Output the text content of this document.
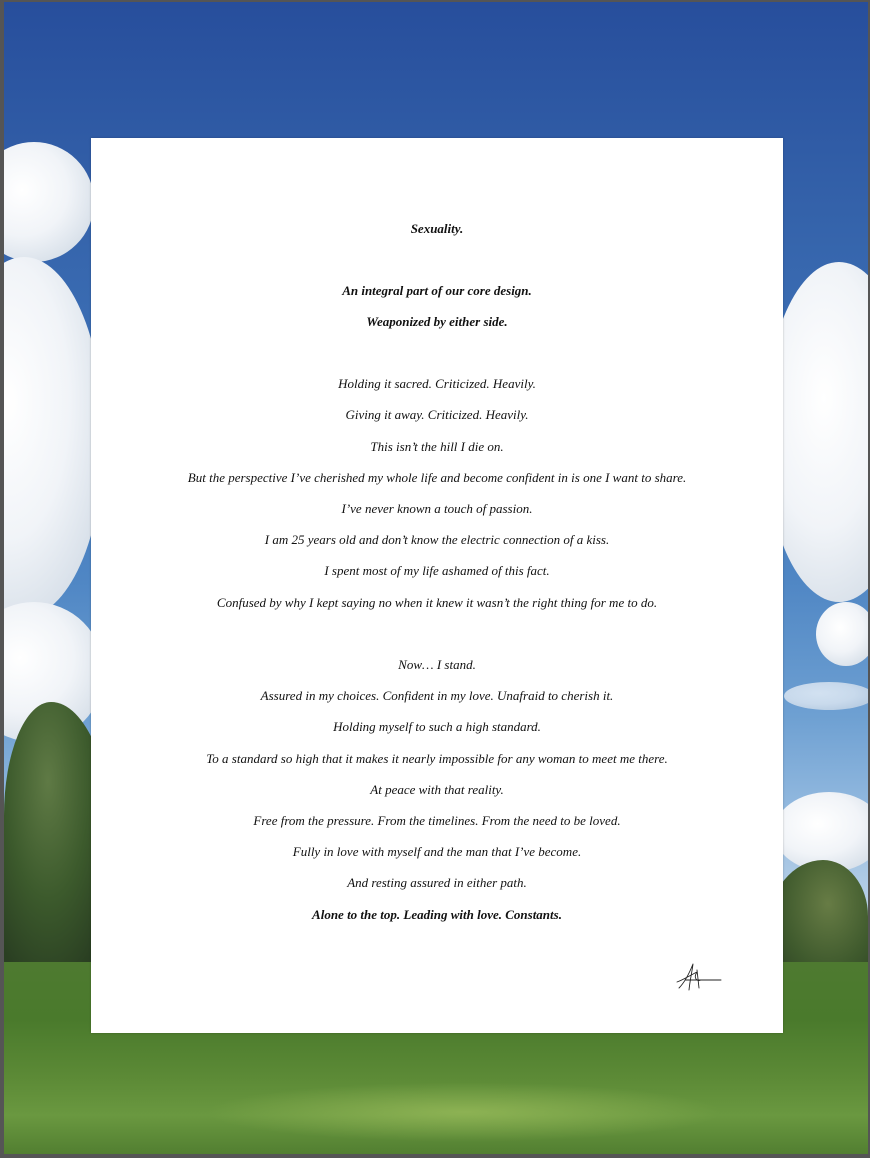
Sexuality.
An integral part of our core design.
Weaponized by either side.
Holding it sacred. Criticized. Heavily.
Giving it away. Criticized. Heavily.
This isn’t the hill I die on.
But the perspective I’ve cherished my whole life and become confident in is one I want to share.
I’ve never known a touch of passion.
I am 25 years old and don’t know the electric connection of a kiss.
I spent most of my life ashamed of this fact.
Confused by why I kept saying no when it knew it wasn’t the right thing for me to do.
Now… I stand.
Assured in my choices. Confident in my love. Unafraid to cherish it.
Holding myself to such a high standard.
To a standard so high that it makes it nearly impossible for any woman to meet me there.
At peace with that reality.
Free from the pressure. From the timelines. From the need to be loved.
Fully in love with myself and the man that I’ve become.
And resting assured in either path.
Alone to the top. Leading with love. Constants.
